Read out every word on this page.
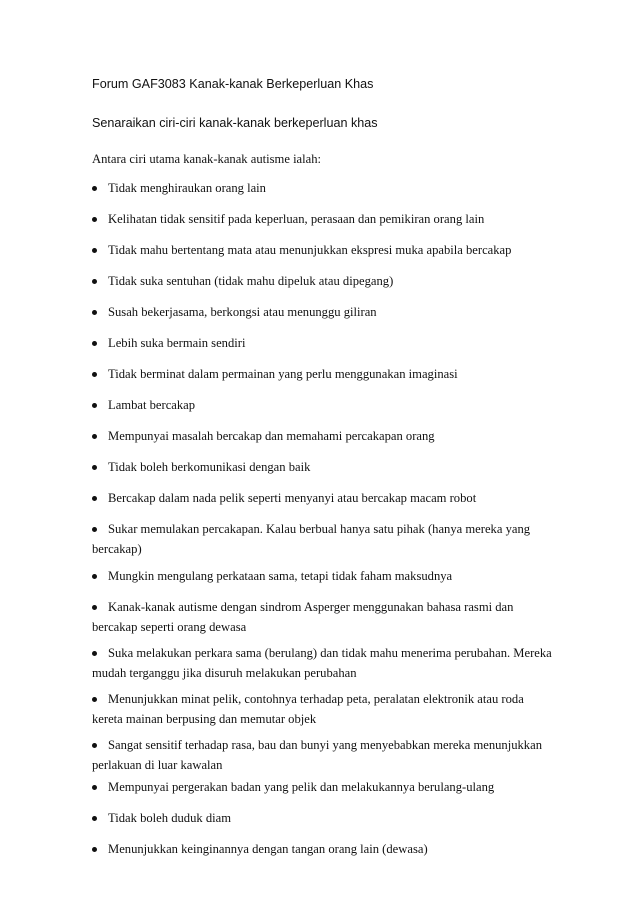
Forum GAF3083 Kanak-kanak Berkeperluan Khas
Senaraikan ciri-ciri kanak-kanak berkeperluan khas
Antara ciri utama kanak-kanak autisme ialah:
Tidak menghiraukan orang lain
Kelihatan tidak sensitif pada keperluan, perasaan dan pemikiran orang lain
Tidak mahu bertentang mata atau menunjukkan ekspresi muka apabila bercakap
Tidak suka sentuhan (tidak mahu dipeluk atau dipegang)
Susah bekerjasama, berkongsi atau menunggu giliran
Lebih suka bermain sendiri
Tidak berminat dalam permainan yang perlu menggunakan imaginasi
Lambat bercakap
Mempunyai masalah bercakap dan memahami percakapan orang
Tidak boleh berkomunikasi dengan baik
Bercakap dalam nada pelik seperti menyanyi atau bercakap macam robot
Sukar memulakan percakapan. Kalau berbual hanya satu pihak (hanya mereka yang bercakap)
Mungkin mengulang perkataan sama, tetapi tidak faham maksudnya
Kanak-kanak autisme dengan sindrom Asperger menggunakan bahasa rasmi dan bercakap seperti orang dewasa
Suka melakukan perkara sama (berulang) dan tidak mahu menerima perubahan. Mereka mudah terganggu jika disuruh melakukan perubahan
Menunjukkan minat pelik, contohnya terhadap peta, peralatan elektronik atau roda kereta mainan berpusing dan memutar objek
Sangat sensitif terhadap rasa, bau dan bunyi yang menyebabkan mereka menunjukkan perlakuan di luar kawalan
Mempunyai pergerakan badan yang pelik dan melakukannya berulang-ulang
Tidak boleh duduk diam
Menunjukkan keinginannya dengan tangan orang lain (dewasa)
